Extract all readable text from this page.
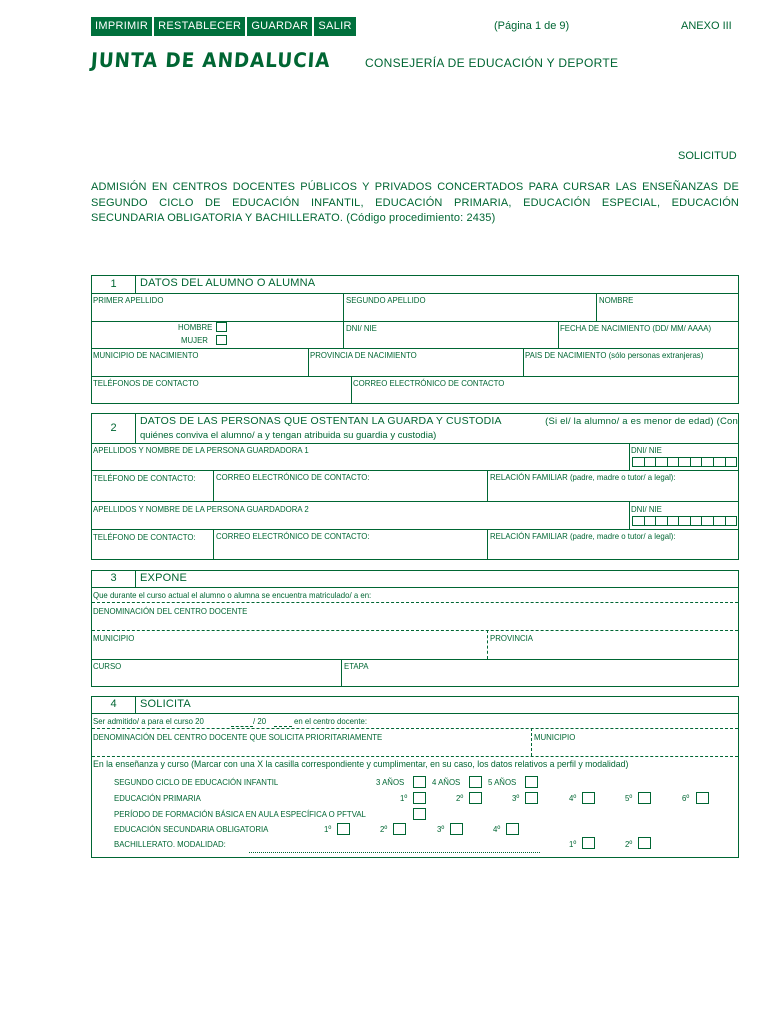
IMPRIMIR RESTABLECER GUARDAR SALIR	(Página 1 de 9)	ANEXO III
JUNTA DE ANDALUCIA	CONSEJERÍA DE EDUCACIÓN Y DEPORTE
SOLICITUD
ADMISIÓN EN CENTROS DOCENTES PÚBLICOS Y PRIVADOS CONCERTADOS PARA CURSAR LAS ENSEÑANZAS DE SEGUNDO CICLO DE EDUCACIÓN INFANTIL, EDUCACIÓN PRIMARIA, EDUCACIÓN ESPECIAL, EDUCACIÓN SECUNDARIA OBLIGATORIA Y BACHILLERATO. (Código procedimiento: 2435)
1	DATOS DEL ALUMNO O ALUMNA
PRIMER APELLIDO	SEGUNDO APELLIDO	NOMBRE
HOMBRE
MUJER
DNI/ NIE	FECHA DE NACIMIENTO (DD/ MM/ AAAA)
MUNICIPIO DE NACIMIENTO	PROVINCIA DE NACIMIENTO	PAIS DE NACIMIENTO (sólo personas extranjeras)
TELÉFONOS DE CONTACTO	CORREO ELECTRÓNICO DE CONTACTO
2
DATOS DE LAS PERSONAS QUE OSTENTAN LA GUARDA Y CUSTODIA	(Si el/ la alumno/ a es menor de edad) (Con
quiénes conviva el alumno/ a y tengan atribuida su guardia y custodia)
APELLIDOS Y NOMBRE DE LA PERSONA GUARDADORA 1	DNI/ NIE
TELÉFONO DE CONTACTO: CORREO ELECTRÓNICO DE CONTACTO:	RELACIÓN FAMILIAR (padre, madre o tutor/ a legal):
APELLIDOS Y NOMBRE DE LA PERSONA GUARDADORA 2	DNI/ NIE
TELÉFONO DE CONTACTO: CORREO ELECTRÓNICO DE CONTACTO:	RELACIÓN FAMILIAR (padre, madre o tutor/ a legal):
3	EXPONE
Que durante el curso actual el alumno o alumna se encuentra matriculado/ a en:
DENOMINACIÓN DEL CENTRO DOCENTE
MUNICIPIO	PROVINCIA
CURSO	ETAPA
4	SOLICITA
Ser admitido/ a para el curso 20	/ 20	en el centro docente:
DENOMINACIÓN DEL CENTRO DOCENTE QUE SOLICITA PRIORITARIAMENTE	MUNICIPIO
En la enseñanza y curso (Marcar con una X la casilla correspondiente y cumplimentar, en su caso, los datos relativos a perfil y modalidad)
SEGUNDO CICLO DE EDUCACIÓN INFANTIL	3 AÑOS	4 AÑOS	5 AÑOS
EDUCACIÓN PRIMARIA	1º	2º	3º	4º	5º	6º
PERÍODO DE FORMACIÓN BÁSICA EN AULA ESPECÍFICA O PFTVAL
EDUCACIÓN SECUNDARIA OBLIGATORIA	1º	2º	3º	4º
BACHILLERATO. MODALIDAD:	1º	2º
